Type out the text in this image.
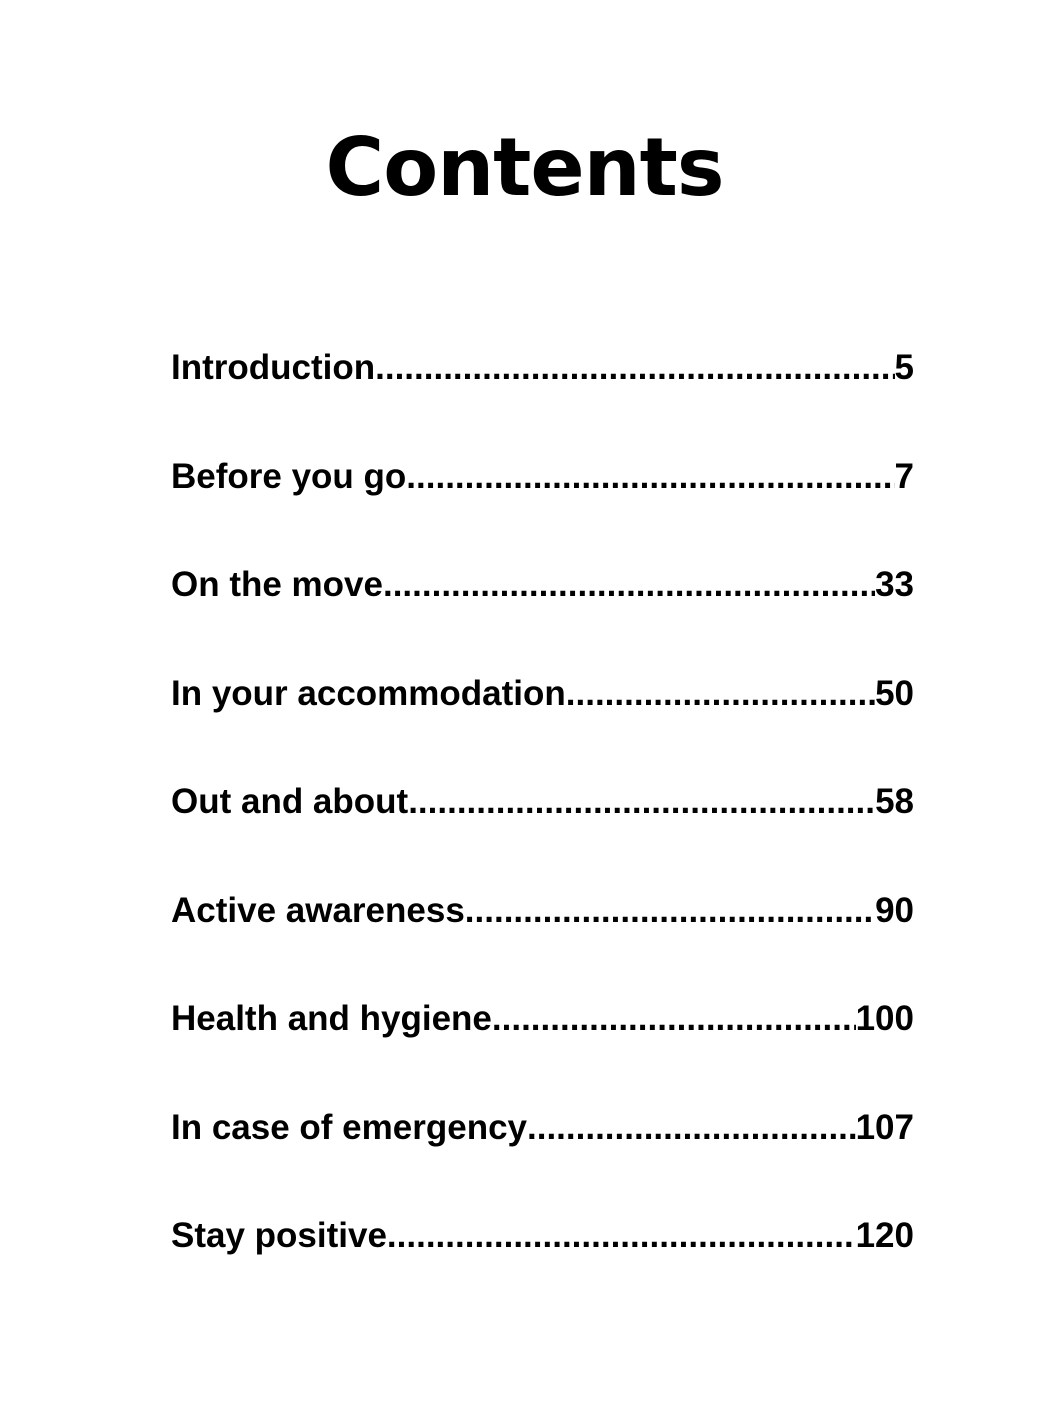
Contents
Introduction .....	5
Before you go .....	7
On the move .....	33
In your accommodation .....	50
Out and about .....	58
Active awareness .....	90
Health and hygiene .....	100
In case of emergency .....	107
Stay positive .....	120
